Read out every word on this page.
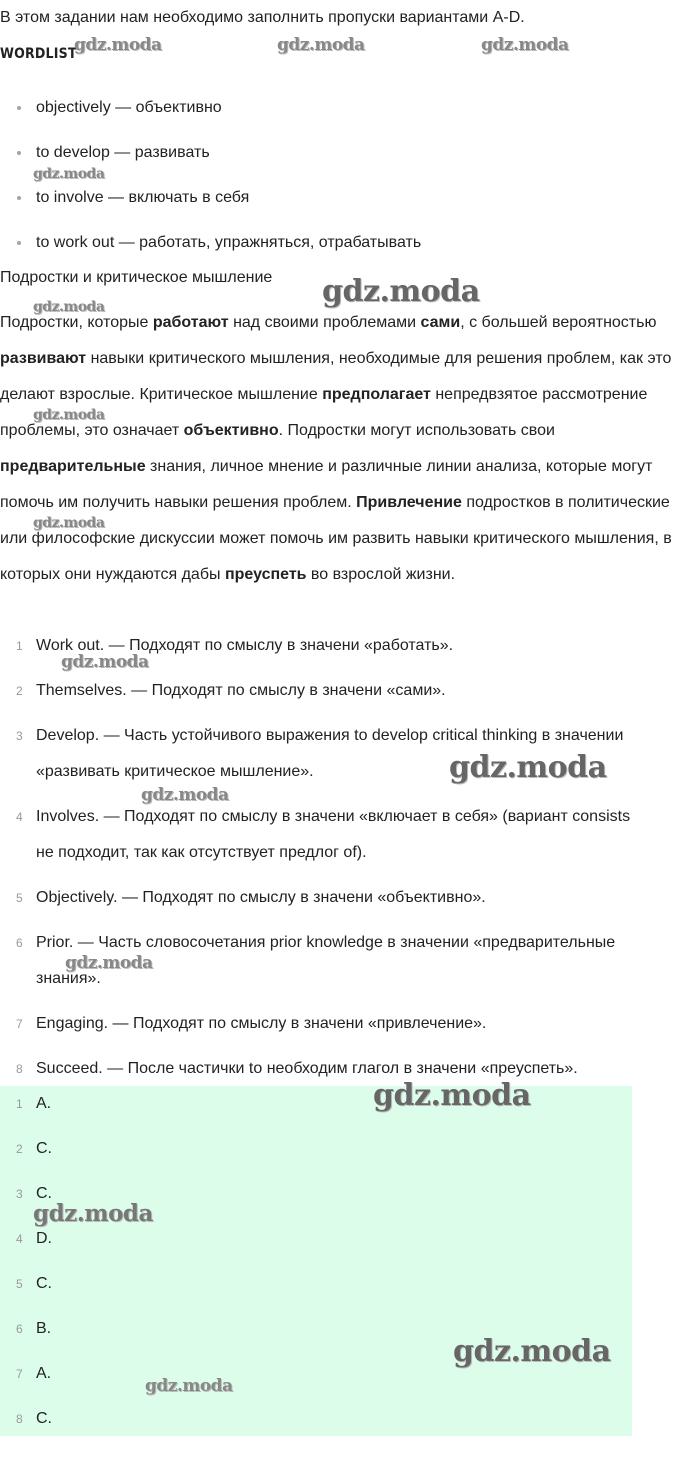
В этом задании нам необходимо заполнить пропуски вариантами A-D.
WORDLIST
objectively — объективно
to develop — развивать
to involve — включать в себя
to work out — работать, упражняться, отрабатывать
Подростки и критическое мышление
Подростки, которые работают над своими проблемами сами, с большей вероятностью развивают навыки критического мышления, необходимые для решения проблем, как это делают взрослые. Критическое мышление предполагает непредвзятое рассмотрение проблемы, это означает объективно. Подростки могут использовать свои предварительные знания, личное мнение и различные линии анализа, которые могут помочь им получить навыки решения проблем. Привлечение подростков в политические или философские дискуссии может помочь им развить навыки критического мышления, в которых они нуждаются дабы преуспеть во взрослой жизни.
1 Work out. — Подходят по смыслу в значени «работать».
2 Themselves. — Подходят по смыслу в значени «сами».
3 Develop. — Часть устойчивого выражения to develop critical thinking в значении «развивать критическое мышление».
4 Involves. — Подходят по смыслу в значени «включает в себя» (вариант consists не подходит, так как отсутствует предлог of).
5 Objectively. — Подходят по смыслу в значени «объективно».
6 Prior. — Часть словосочетания prior knowledge в значении «предварительные знания».
7 Engaging. — Подходят по смыслу в значени «привлечение».
8 Succeed. — После частички to необходим глагол в значени «преуспеть».
1 A.
2 C.
3 C.
4 D.
5 C.
6 B.
7 A.
8 C.
gdz.moda	gdz.moda	gdz.moda
gdz.moda
gdz.moda
gdz.moda
gdz.moda
gdz.moda
gdz.moda
gdz.moda
gdz.moda
gdz.moda
gdz.moda
gdz.moda
gdz.moda
gdz.moda
